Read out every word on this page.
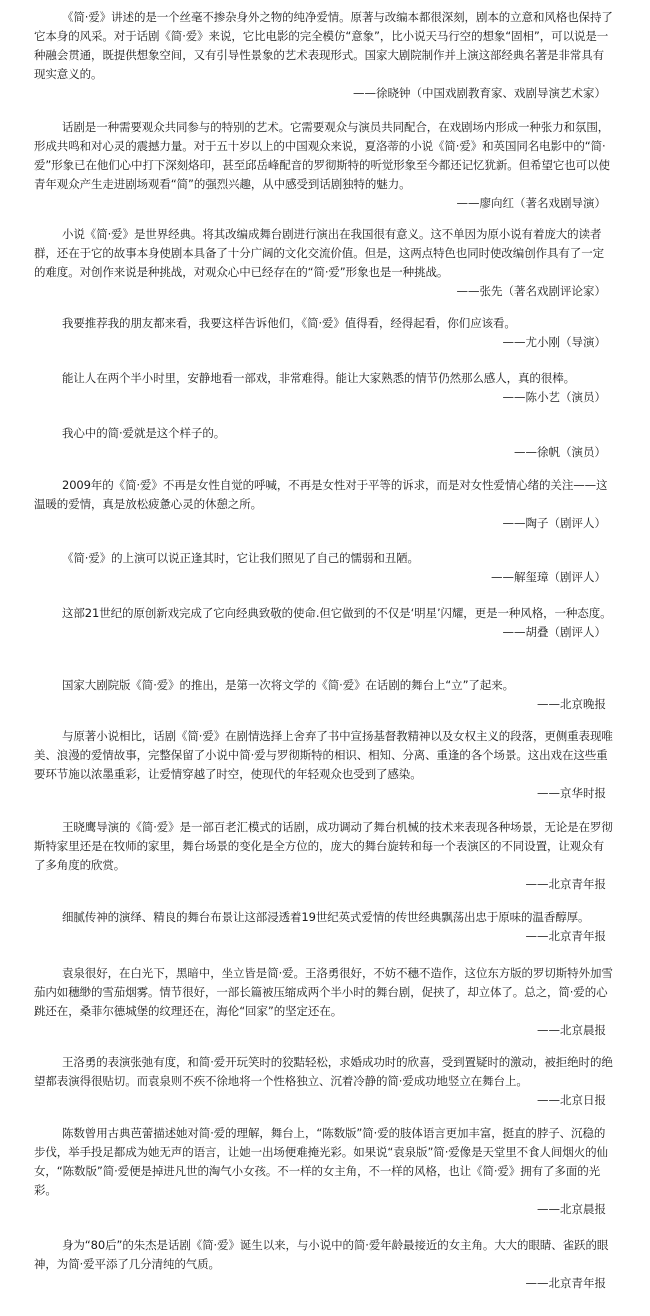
《简·爱》讲述的是一个丝毫不掺杂身外之物的纯净爱情。原著与改编本都很深刻，剧本的立意和风格也保持了它本身的风采。对于话剧《简·爱》来说，它比电影的完全模仿“意象”，比小说天马行空的想象“固相”，可以说是一种融会贯通，既提供想象空间，又有引导性景象的艺术表现形式。国家大剧院制作并上演这部经典名著是非常具有现实意义的。

——徐晓钟（中国戏剧教育家、戏剧导演艺术家）

话剧是一种需要观众共同参与的特别的艺术。它需要观众与演员共同配合，在戏剧场内形成一种张力和氛围，形成共鸣和对心灵的震撼力量。对于五十岁以上的中国观众来说，夏洛蒂的小说《简·爱》和英国同名电影中的“简·爱”形象已在他们心中打下深刻烙印，甚至邱岳峰配音的罗彻斯特的听觉形象至今都还记忆犹新。但希望它也可以使青年观众产生走进剧场观看“简”的强烈兴趣，从中感受到话剧独特的魅力。

——廖向红（著名戏剧导演）

小说《简·爱》是世界经典。将其改编成舞台剧进行演出在我国很有意义。这不单因为原小说有着庞大的读者群，还在于它的故事本身使剧本具备了十分广阔的文化交流价值。但是，这两点特色也同时使改编创作具有了一定的难度。对创作来说是种挑战，对观众心中已经存在的“简·爱”形象也是一种挑战。

——张先（著名戏剧评论家）

我要推荐我的朋友都来看，我要这样告诉他们，《简·爱》值得看，经得起看，你们应该看。

——尤小刚（导演）

能让人在两个半小时里，安静地看一部戏，非常难得。能让大家熟悉的情节仍然那么感人，真的很棒。

——陈小艺（演员）

我心中的简·爱就是这个样子的。

——徐帆（演员）

2009年的《简·爱》不再是女性自觉的呼喊，不再是女性对于平等的诉求，而是对女性爱情心绪的关注——这温暖的爱情，真是放松疲惫心灵的休憩之所。

——陶子（剧评人）

《简·爱》的上演可以说正逢其时，它让我们照见了自己的懦弱和丑陋。

——解玺璋（剧评人）

这部21世纪的原创新戏完成了它向经典致敬的使命.但它做到的不仅是‘明星’闪耀，更是一种风格，一种态度。

——胡叠（剧评人）

国家大剧院版《简·爱》的推出，是第一次将文学的《简·爱》在话剧的舞台上“立”了起来。

——北京晚报

与原著小说相比，话剧《简·爱》在剧情选择上舍弃了书中宣扬基督教精神以及女权主义的段落，更侧重表现唯美、浪漫的爱情故事，完整保留了小说中简·爱与罗彻斯特的相识、相知、分离、重逢的各个场景。这出戏在这些重要环节施以浓墨重彩，让爱情穿越了时空，使现代的年轻观众也受到了感染。

——京华时报

王晓鹰导演的《简·爱》是一部百老汇模式的话剧，成功调动了舞台机械的技术来表现各种场景，无论是在罗彻斯特家里还是在牧师的家里，舞台场景的变化是全方位的，庞大的舞台旋转和每一个表演区的不同设置，让观众有了多角度的欣赏。

——北京青年报

细腻传神的演绎、精良的舞台布景让这部浸透着19世纪英式爱情的传世经典飘荡出忠于原味的温香醇厚。

——北京青年报

袁泉很好，在白光下，黑暗中，坐立皆是简·爱。王洛勇很好，不妨不穗不造作，这位东方版的罗切斯特外加雪茄内如穗缈的雪茄烟雾。情节很好，一部长篇被压缩成两个半小时的舞台剧，促挟了，却立体了。总之，简·爱的心跳还在，桑菲尔德城堡的纹理还在，海伦“回家”的坚定还在。

——北京晨报

王洛勇的表演张弛有度，和简·爱开玩笑时的狡黠轻松，求婚成功时的欣喜，受到置疑时的激动，被拒绝时的绝望都表演得很贴切。而袁泉则不疾不徐地将一个性格独立、沉着冷静的简·爱成功地竖立在舞台上。

——北京日报

陈数曾用古典芭蕾描述她对简·爱的理解，舞台上，“陈数版”简·爱的肢体语言更加丰富，挺直的脖子、沉稳的步伐，举手投足都成为她无声的语言，让她一出场便难掩光彩。如果说“袁泉版”简·爱像是天堂里不食人间烟火的仙女，“陈数版”简·爱便是掉进凡世的淘气小女孩。不一样的女主角，不一样的风格，也让《简·爱》拥有了多面的光彩。

——北京晨报

身为“80后”的朱杰是话剧《简·爱》诞生以来，与小说中的简·爱年龄最接近的女主角。大大的眼睛、雀跃的眼神，为简·爱平添了几分清纯的气质。

——北京青年报
